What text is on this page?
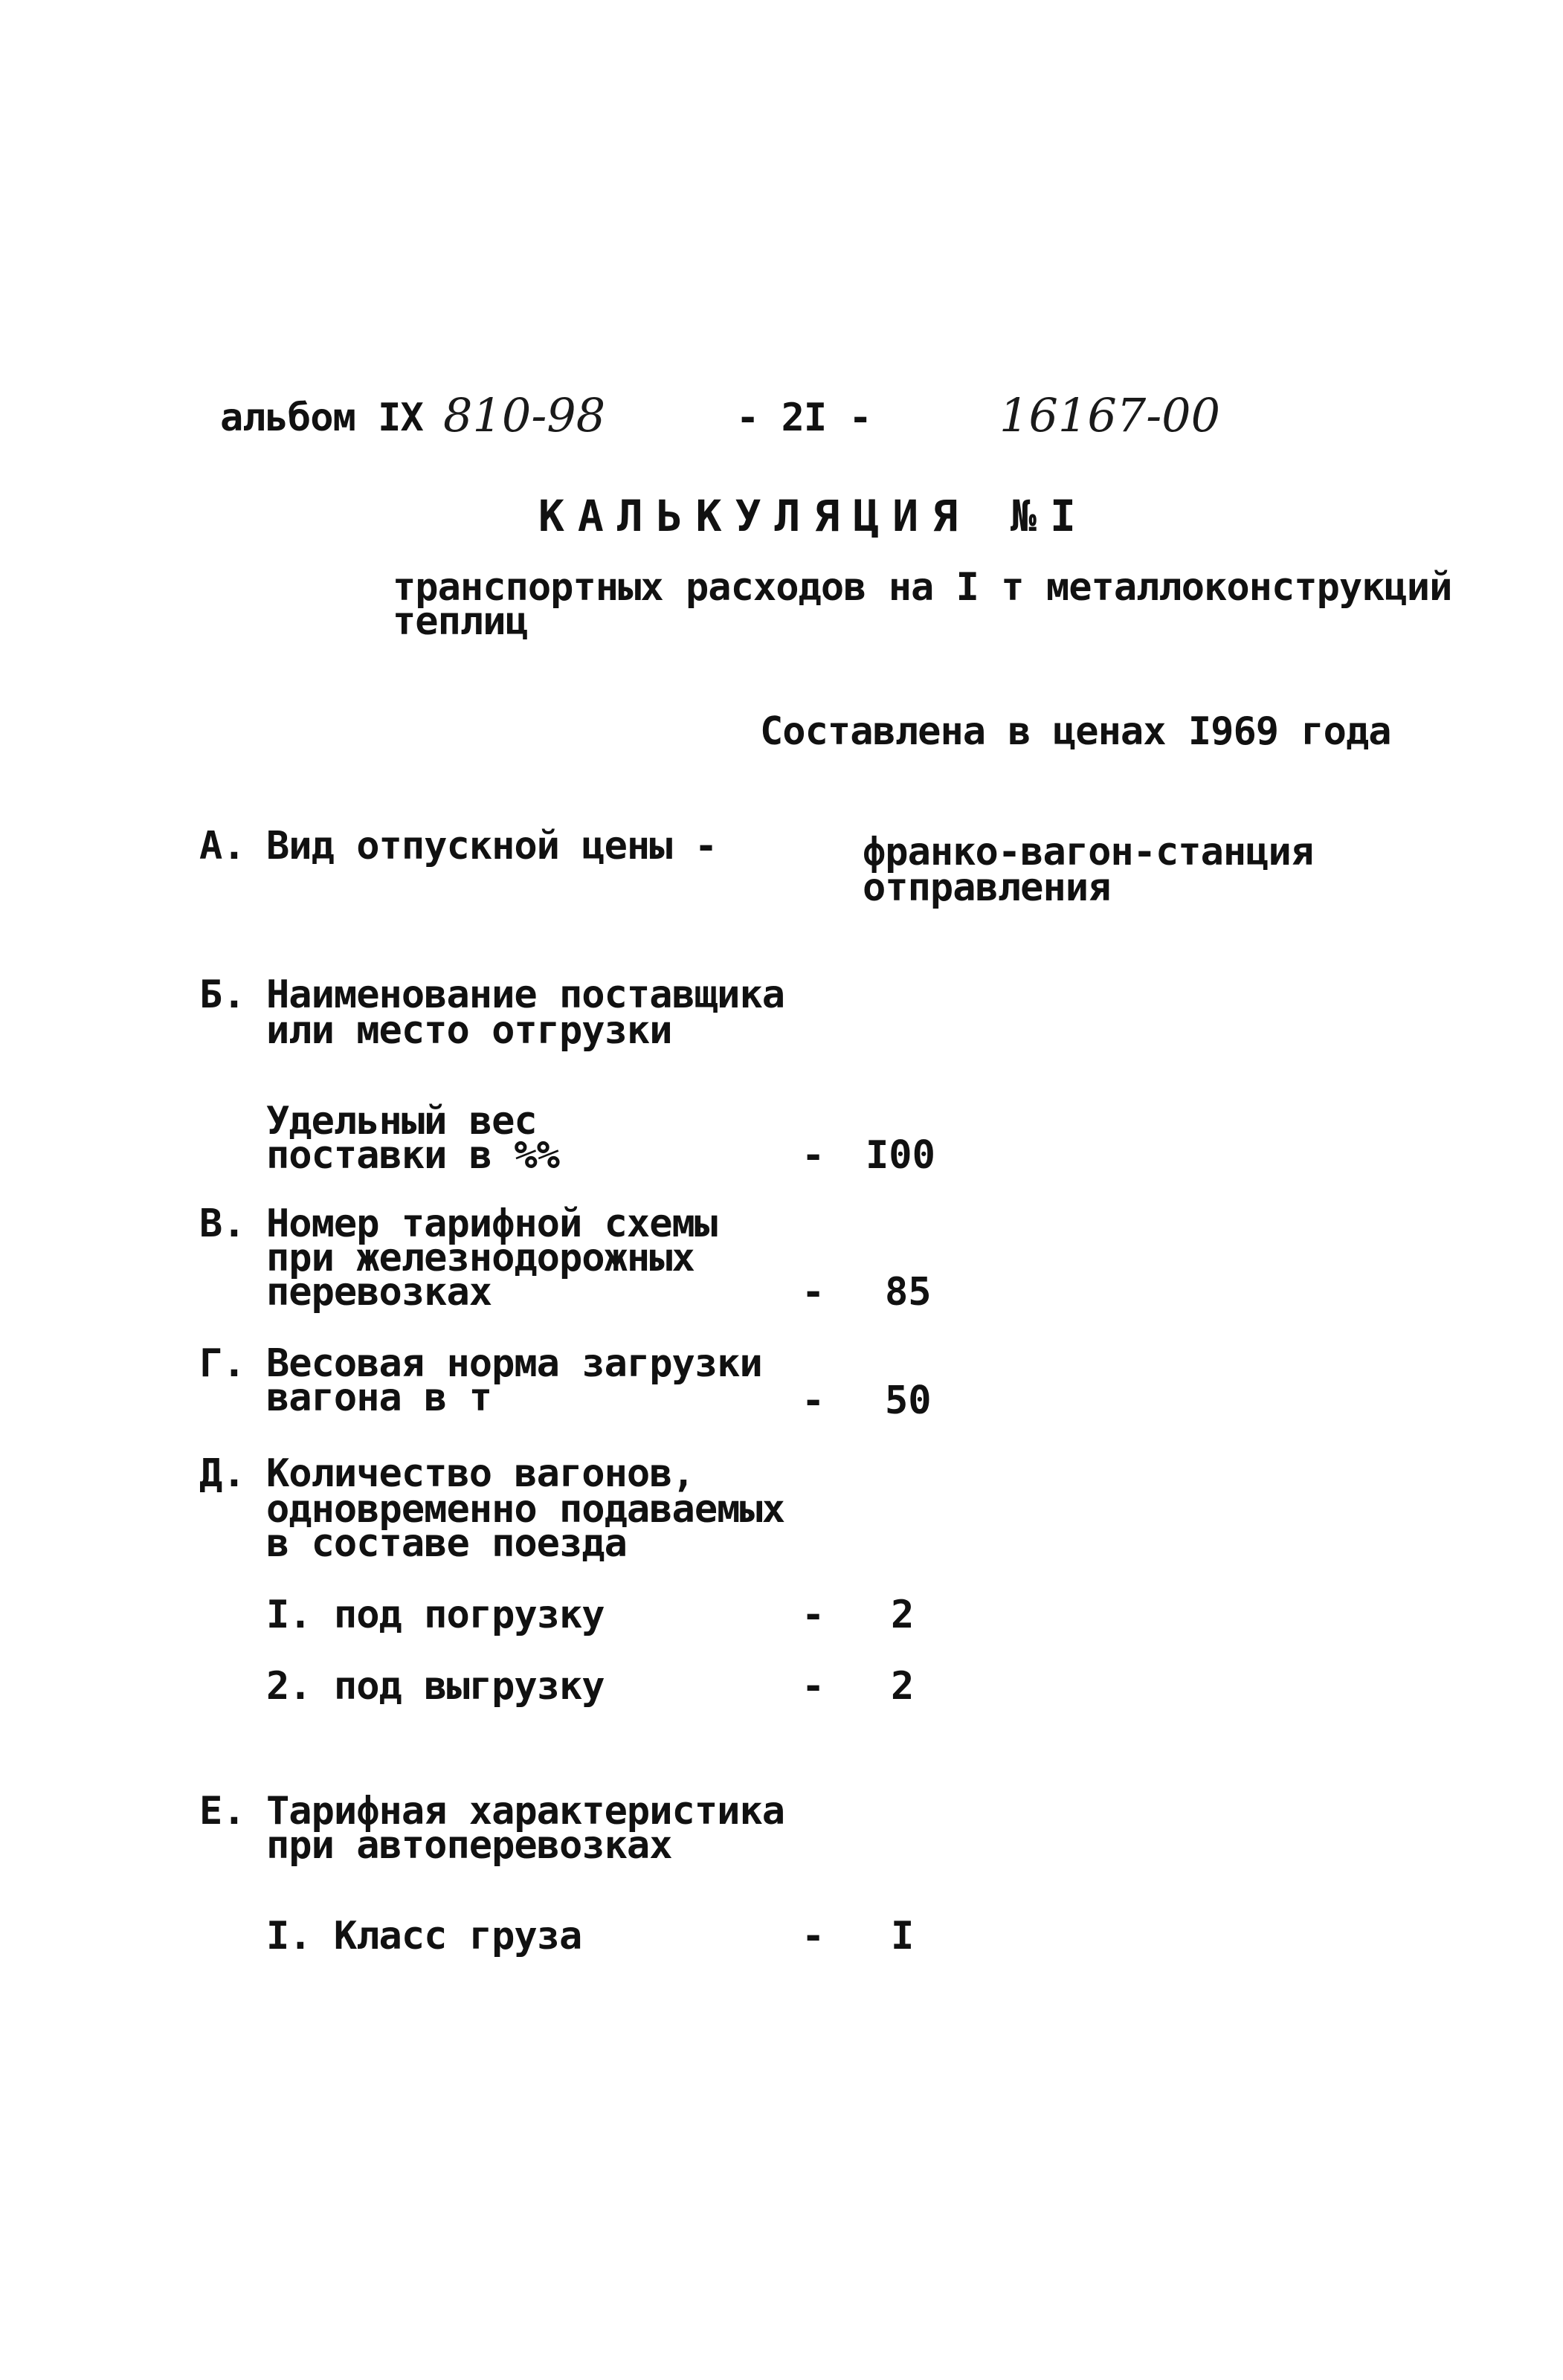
альбом IX 810-98	- 2I -	16167-00
КАЛЬКУЛЯЦИЯ №I
транспортных расходов на I т металлоконструкций
теплиц
Составлена в ценах I969 года
А. Вид отпускной цены -	франко-вагон-станция
отправления
Б. Наименование поставщика
или место отгрузки
Удельный вес
поставки в %%	- I00
В. Номер тарифной схемы
при железнодорожных
перевозках	- 85
Г. Весовая норма загрузки
вагона в т	- 50
Д. Количество вагонов,
одновременно подаваемых
в составе поезда
I. под погрузку	- 2
2. под выгрузку	- 2
Е. Тарифная характеристика
при автоперевозках
I. Класс груза	- I
